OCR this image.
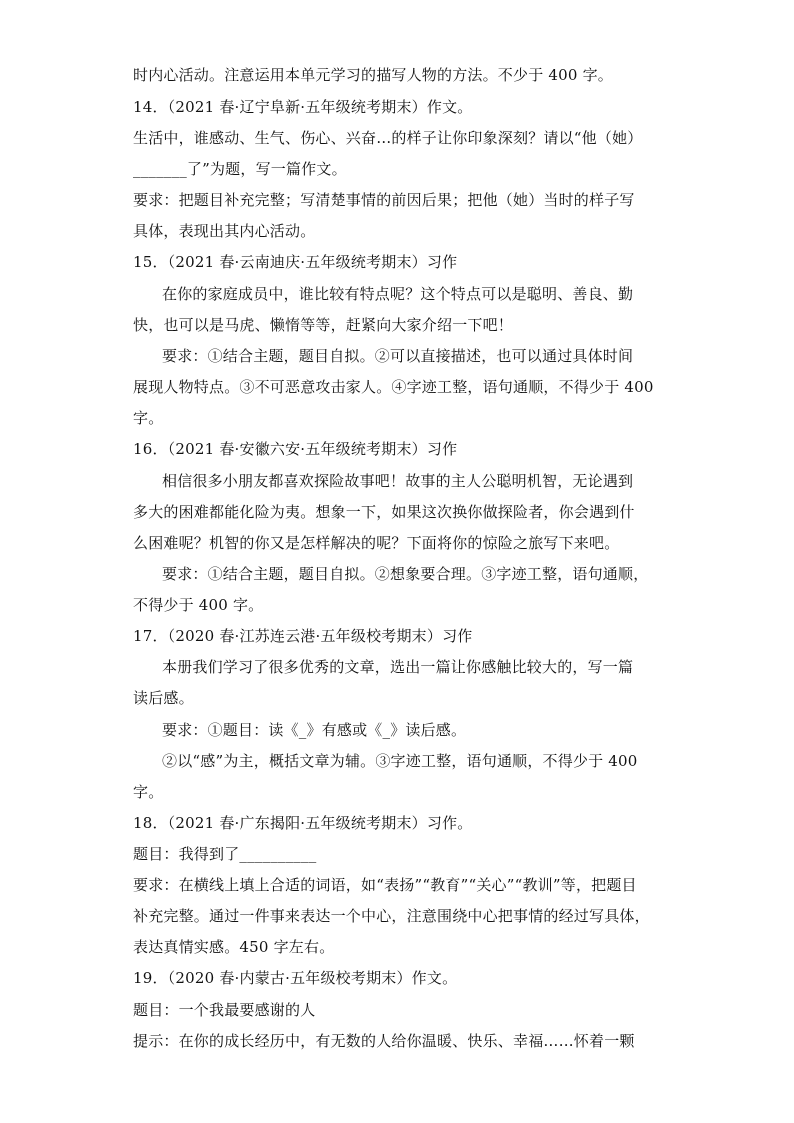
时内心活动。注意运用本单元学习的描写人物的方法。不少于 400 字。
14．（2021 春·辽宁阜新·五年级统考期末）作文。
生活中，谁感动、生气、伤心、兴奋…的样子让你印象深刻？请以“他（她）
_______了”为题，写一篇作文。
要求：把题目补充完整；写清楚事情的前因后果；把他（她）当时的样子写
具体，表现出其内心活动。
15．（2021 春·云南迪庆·五年级统考期末）习作
在你的家庭成员中，谁比较有特点呢？这个特点可以是聪明、善良、勤
快，也可以是马虎、懒惰等等，赶紧向大家介绍一下吧！
要求：①结合主题，题目自拟。②可以直接描述，也可以通过具体时间
展现人物特点。③不可恶意攻击家人。④字迹工整，语句通顺，不得少于 400
字。
16．（2021 春·安徽六安·五年级统考期末）习作
相信很多小朋友都喜欢探险故事吧！故事的主人公聪明机智，无论遇到
多大的困难都能化险为夷。想象一下，如果这次换你做探险者，你会遇到什
么困难呢？机智的你又是怎样解决的呢？下面将你的惊险之旅写下来吧。
要求：①结合主题，题目自拟。②想象要合理。③字迹工整，语句通顺，
不得少于 400 字。
17．（2020 春·江苏连云港·五年级校考期末）习作
本册我们学习了很多优秀的文章，选出一篇让你感触比较大的，写一篇
读后感。
要求：①题目：读《_》有感或《_》读后感。
②以“感”为主，概括文章为辅。③字迹工整，语句通顺，不得少于 400
字。
18．（2021 春·广东揭阳·五年级统考期末）习作。
题目：我得到了__________
要求：在横线上填上合适的词语，如“表扬”“教育”“关心”“教训”等，把题目
补充完整。通过一件事来表达一个中心，注意围绕中心把事情的经过写具体，
表达真情实感。450 字左右。
19．（2020 春·内蒙古·五年级校考期末）作文。
题目：一个我最要感谢的人
提示：在你的成长经历中，有无数的人给你温暖、快乐、幸福……怀着一颗
